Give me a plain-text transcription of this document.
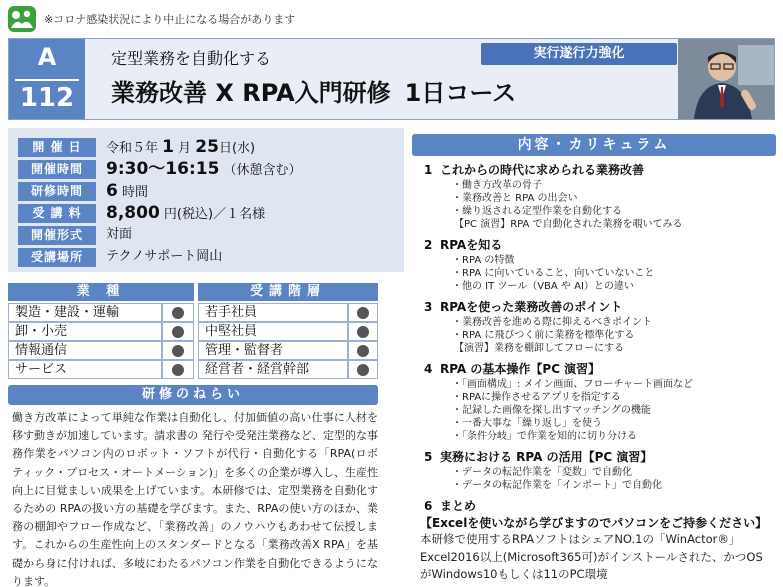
※コロナ感染状況により中止になる場合があります
A
112
定型業務を自動化する
業務改善 X RPA入門研修 1日コース
実行遂行力強化
開 催 日	令和５年 1 月 25日(水)
開催時間	9:30～16:15 （休憩含む）
研修時間	6 時間
受 講 料	8,800 円(税込)／１名様
開催形式	対面
受講場所	テクノサポート岡山
業 種	受講階層
製造・建設・運輸	若手社員
卸・小売	中堅社員
情報通信	管理・監督者
サービス	経営者・経営幹部
研修のねらい
働き方改革によって単純な作業は自動化し、付加価値の高い仕事に人材を移す動きが加速しています。請求書の 発行や受発注業務など、定型的な事務作業をパソコン内のロボット・ソフトが代行・自動化する「RPA(ロボティック・プロセス・オートメーション)」を多くの企業が導入し、生産性向上に目覚ましい成果を上げています。本研修では、定型業務を自動化するための RPAの扱い方の基礎を学びます。また、RPAの使い方のほか、業務の棚卸やフロー作成など、「業務改善」のノウハウもあわせて伝授します。これからの生産性向上のスタンダードとなる「業務改善X RPA」を基礎から身に付ければ、多岐にわたるパソコン作業を自動化できるようになります。
内容・カリキュラム
1 これからの時代に求められる業務改善
・働き方改革の骨子
・業務改善と RPA の出会い
・繰り返される定型作業を自動化する
【PC 演習】RPA で自動化された業務を覗いてみる
2 RPAを知る
・RPA の特徴
・RPA に向いていること、向いていないこと
・他の IT ツール（VBA や AI）との違い
3 RPAを使った業務改善のポイント
・業務改善を進める際に抑えるべきポイント
・RPA に飛びつく前に業務を標準化する
【演習】業務を棚卸してフローにする
4 RPA の基本操作【PC 演習】
・「画面構成」: メイン画面、フローチャート画面など
・RPAに操作させるアプリを指定する
・記録した画像を探し出すマッチングの機能
・一番大事な「繰り返し」を使う
・「条件分岐」で作業を知的に切り分ける
5 実務における RPA の活用【PC 演習】
・データの転記作業を「変数」で自動化
・データの転記作業を「インポート」で自動化
6 まとめ
【Excelを使いながら学びますのでパソコンをご持参ください】
本研修で使用するRPAソフトはシェアNO.1の「WinActor®」Excel2016以上(Microsoft365可)がインストールされた、かつOSがWindows10もしくは11のPC環境
